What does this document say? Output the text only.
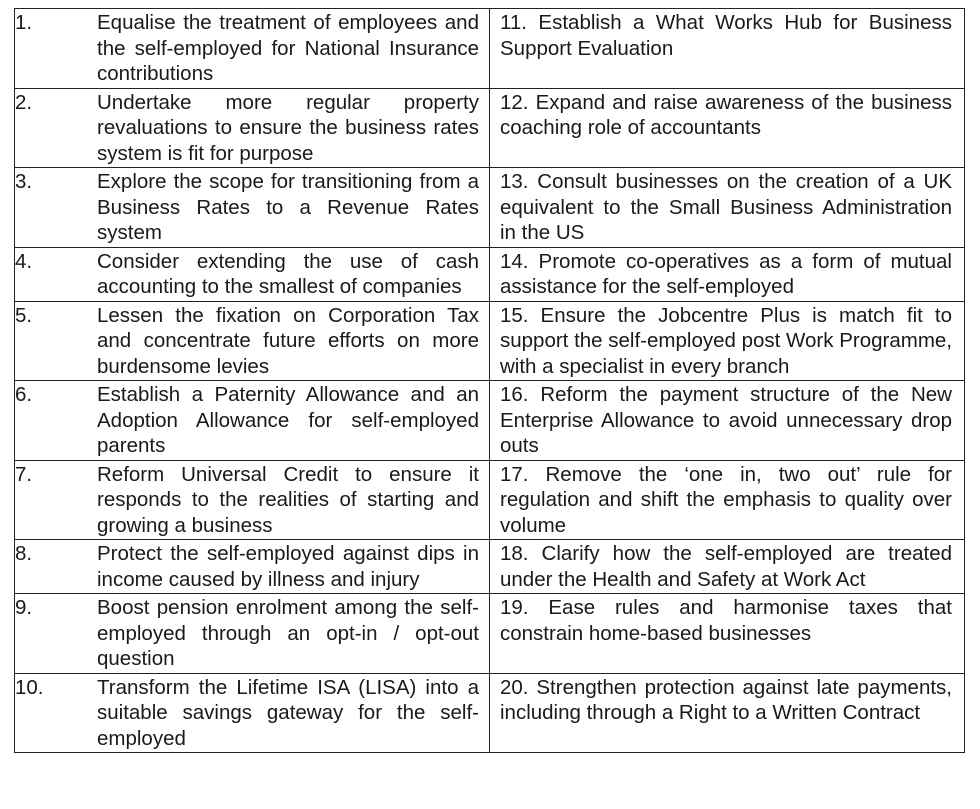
1. Equalise the treatment of employees and the self-employed for National Insurance contributions	11. Establish a What Works Hub for Business Support Evaluation

2. Undertake more regular property revaluations to ensure the business rates system is fit for purpose	12. Expand and raise awareness of the business coaching role of accountants

3. Explore the scope for transitioning from a Business Rates to a Revenue Rates system	13. Consult businesses on the creation of a UK equivalent to the Small Business Administration in the US

4. Consider extending the use of cash accounting to the smallest of companies	14. Promote co-operatives as a form of mutual assistance for the self-employed

5. Lessen the fixation on Corporation Tax and concentrate future efforts on more burdensome levies	15. Ensure the Jobcentre Plus is match fit to support the self-employed post Work Programme, with a specialist in every branch

6. Establish a Paternity Allowance and an Adoption Allowance for self-employed parents	16. Reform the payment structure of the New Enterprise Allowance to avoid unnecessary drop outs

7. Reform Universal Credit to ensure it responds to the realities of starting and growing a business	17. Remove the ‘one in, two out’ rule for regulation and shift the emphasis to quality over volume

8. Protect the self-employed against dips in income caused by illness and injury	18. Clarify how the self-employed are treated under the Health and Safety at Work Act

9. Boost pension enrolment among the self-employed through an opt-in / opt-out question	19. Ease rules and harmonise taxes that constrain home-based businesses

10. Transform the Lifetime ISA (LISA) into a suitable savings gateway for the self-employed	20. Strengthen protection against late payments, including through a Right to a Written Contract
